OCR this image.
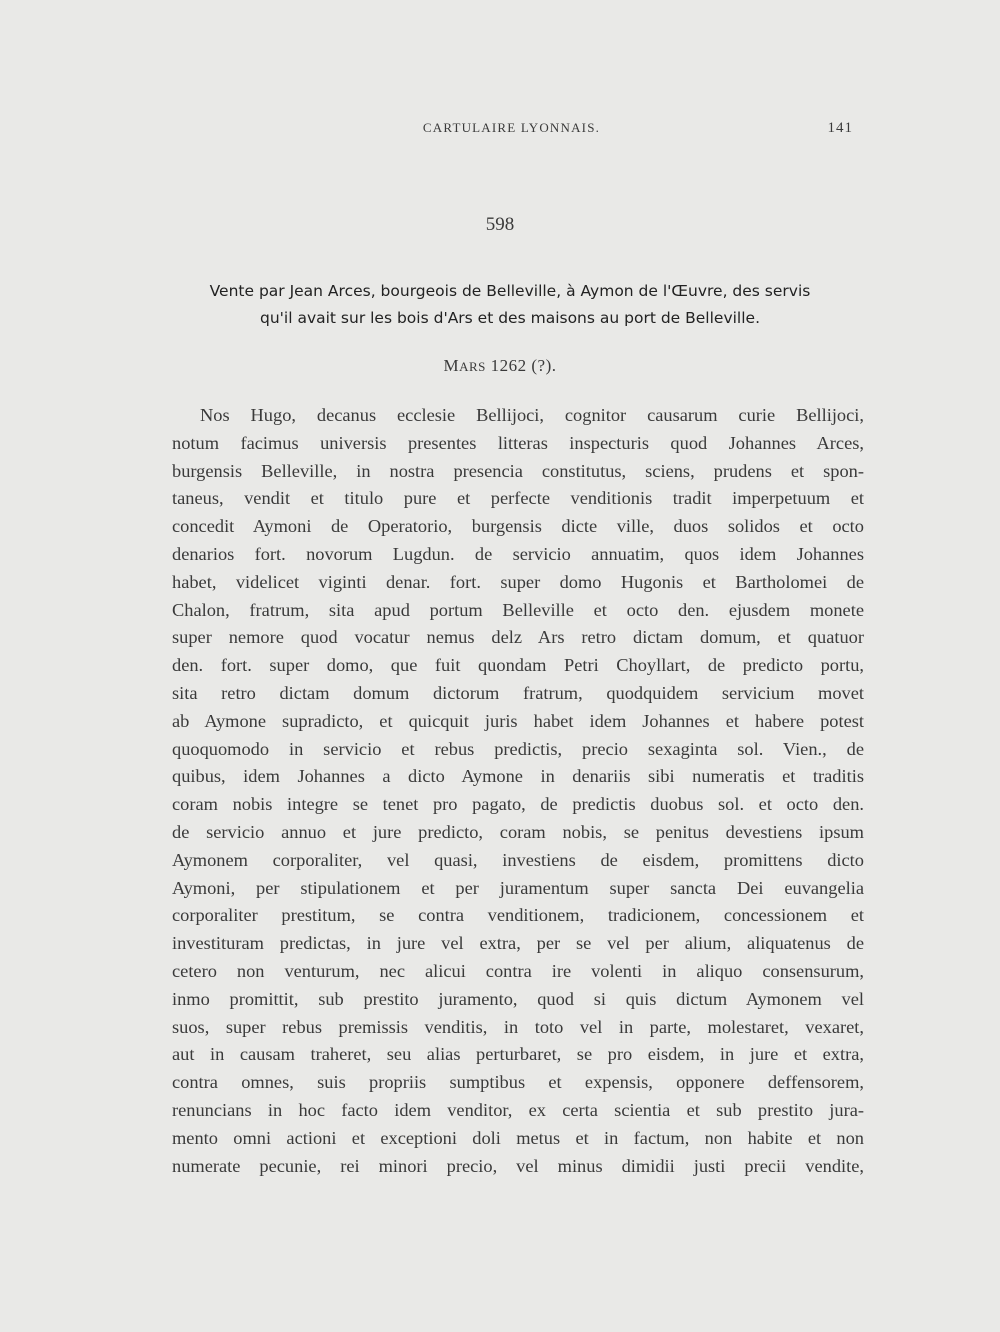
CARTULAIRE LYONNAIS.	141
598
Vente par Jean Arces, bourgeois de Belleville, à Aymon de l'Œuvre, des servis
qu'il avait sur les bois d'Ars et des maisons au port de Belleville.
MARS 1262 (?).
Nos Hugo, decanus ecclesie Bellijoci, cognitor causarum curie Bellijoci,
notum facimus universis presentes litteras inspecturis quod Johannes Arces,
burgensis Belleville, in nostra presencia constitutus, sciens, prudens et spon-
taneus, vendit et titulo pure et perfecte venditionis tradit imperpetuum et
concedit Aymoni de Operatorio, burgensis dicte ville, duos solidos et octo
denarios fort. novorum Lugdun. de servicio annuatim, quos idem Johannes
habet, videlicet viginti denar. fort. super domo Hugonis et Bartholomei de
Chalon, fratrum, sita apud portum Belleville et octo den. ejusdem monete
super nemore quod vocatur nemus delz Ars retro dictam domum, et quatuor
den. fort. super domo, que fuit quondam Petri Choyllart, de predicto portu,
sita retro dictam domum dictorum fratrum, quodquidem servicium movet
ab Aymone supradicto, et quicquit juris habet idem Johannes et habere potest
quoquomodo in servicio et rebus predictis, precio sexaginta sol. Vien., de
quibus, idem Johannes a dicto Aymone in denariis sibi numeratis et traditis
coram nobis integre se tenet pro pagato, de predictis duobus sol. et octo den.
de servicio annuo et jure predicto, coram nobis, se penitus devestiens ipsum
Aymonem corporaliter, vel quasi, investiens de eisdem, promittens dicto
Aymoni, per stipulationem et per juramentum super sancta Dei euvangelia
corporaliter prestitum, se contra venditionem, tradicionem, concessionem et
investituram predictas, in jure vel extra, per se vel per alium, aliquatenus de
cetero non venturum, nec alicui contra ire volenti in aliquo consensurum,
inmo promittit, sub prestito juramento, quod si quis dictum Aymonem vel
suos, super rebus premissis venditis, in toto vel in parte, molestaret, vexaret,
aut in causam traheret, seu alias perturbaret, se pro eisdem, in jure et extra,
contra omnes, suis propriis sumptibus et expensis, opponere deffensorem,
renuncians in hoc facto idem venditor, ex certa scientia et sub prestito jura-
mento omni actioni et exceptioni doli metus et in factum, non habite et non
numerate pecunie, rei minori precio, vel minus dimidii justi precii vendite,
